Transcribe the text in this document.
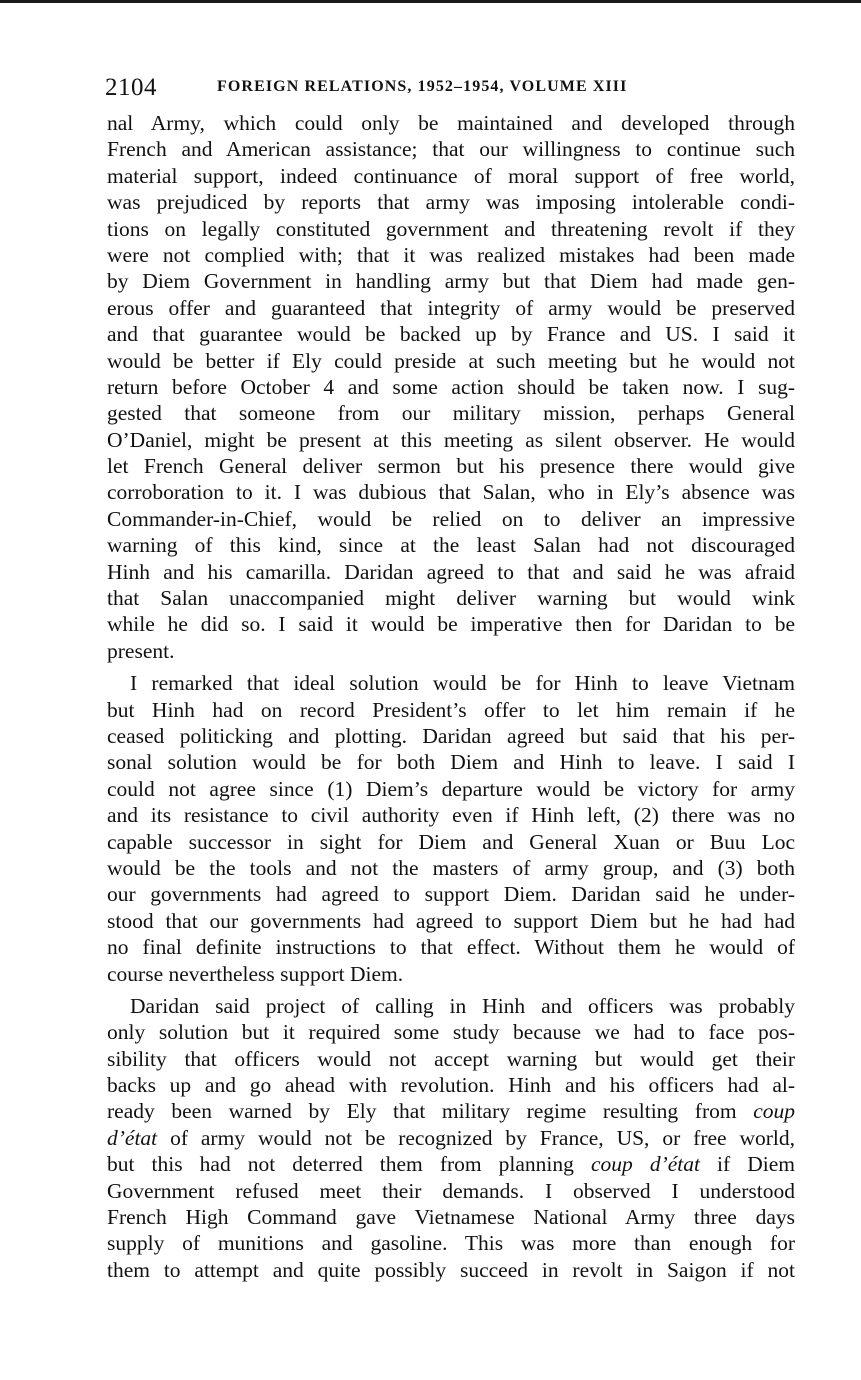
2104	FOREIGN RELATIONS, 1952–1954, VOLUME XIII
nal Army, which could only be maintained and developed through
French and American assistance; that our willingness to continue such
material support, indeed continuance of moral support of free world,
was prejudiced by reports that army was imposing intolerable condi-
tions on legally constituted government and threatening revolt if they
were not complied with; that it was realized mistakes had been made
by Diem Government in handling army but that Diem had made gen-
erous offer and guaranteed that integrity of army would be preserved
and that guarantee would be backed up by France and US. I said it
would be better if Ely could preside at such meeting but he would not
return before October 4 and some action should be taken now. I sug-
gested that someone from our military mission, perhaps General
O’Daniel, might be present at this meeting as silent observer. He would
let French General deliver sermon but his presence there would give
corroboration to it. I was dubious that Salan, who in Ely’s absence was
Commander-in-Chief, would be relied on to deliver an impressive
warning of this kind, since at the least Salan had not discouraged
Hinh and his camarilla. Daridan agreed to that and said he was afraid
that Salan unaccompanied might deliver warning but would wink
while he did so. I said it would be imperative then for Daridan to be
present.
I remarked that ideal solution would be for Hinh to leave Vietnam
but Hinh had on record President’s offer to let him remain if he
ceased politicking and plotting. Daridan agreed but said that his per-
sonal solution would be for both Diem and Hinh to leave. I said I
could not agree since (1) Diem’s departure would be victory for army
and its resistance to civil authority even if Hinh left, (2) there was no
capable successor in sight for Diem and General Xuan or Buu Loc
would be the tools and not the masters of army group, and (3) both
our governments had agreed to support Diem. Daridan said he under-
stood that our governments had agreed to support Diem but he had had
no final definite instructions to that effect. Without them he would of
course nevertheless support Diem.
Daridan said project of calling in Hinh and officers was probably
only solution but it required some study because we had to face pos-
sibility that officers would not accept warning but would get their
backs up and go ahead with revolution. Hinh and his officers had al-
ready been warned by Ely that military regime resulting from coup
d’état of army would not be recognized by France, US, or free world,
but this had not deterred them from planning coup d’état if Diem
Government refused meet their demands. I observed I understood
French High Command gave Vietnamese National Army three days
supply of munitions and gasoline. This was more than enough for
them to attempt and quite possibly succeed in revolt in Saigon if not
